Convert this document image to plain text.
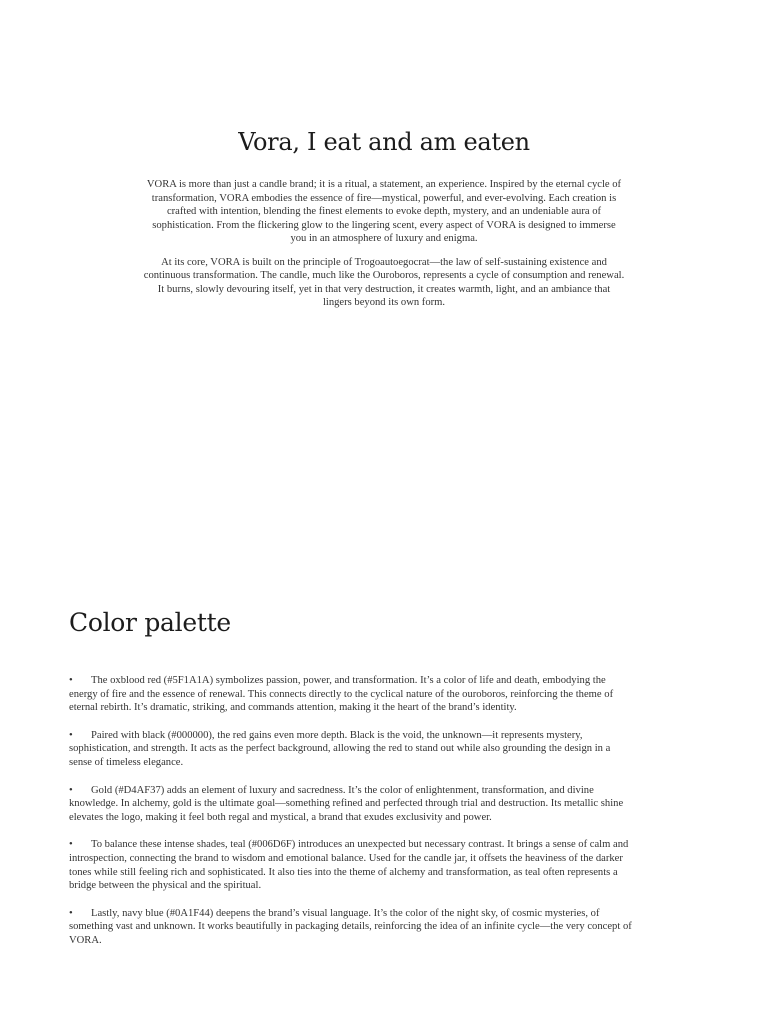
Vora, I eat and am eaten

VORA is more than just a candle brand; it is a ritual, a statement, an experience. Inspired by the eternal cycle of transformation, VORA embodies the essence of fire—mystical, powerful, and ever-evolving. Each creation is crafted with intention, blending the finest elements to evoke depth, mystery, and an undeniable aura of sophistication. From the flickering glow to the lingering scent, every aspect of VORA is designed to immerse you in an atmosphere of luxury and enigma.

At its core, VORA is built on the principle of Trogoautoegocrat—the law of self-sustaining existence and continuous transformation. The candle, much like the Ouroboros, represents a cycle of consumption and renewal. It burns, slowly devouring itself, yet in that very destruction, it creates warmth, light, and an ambiance that lingers beyond its own form.

Color palette

• The oxblood red (#5F1A1A) symbolizes passion, power, and transformation. It’s a color of life and death, embodying the energy of fire and the essence of renewal. This connects directly to the cyclical nature of the ouroboros, reinforcing the theme of eternal rebirth. It’s dramatic, striking, and commands attention, making it the heart of the brand’s identity.

• Paired with black (#000000), the red gains even more depth. Black is the void, the unknown—it represents mystery, sophistication, and strength. It acts as the perfect background, allowing the red to stand out while also grounding the design in a sense of timeless elegance.

• Gold (#D4AF37) adds an element of luxury and sacredness. It’s the color of enlightenment, transformation, and divine knowledge. In alchemy, gold is the ultimate goal—something refined and perfected through trial and destruction. Its metallic shine elevates the logo, making it feel both regal and mystical, a brand that exudes exclusivity and power.

• To balance these intense shades, teal (#006D6F) introduces an unexpected but necessary contrast. It brings a sense of calm and introspection, connecting the brand to wisdom and emotional balance. Used for the candle jar, it offsets the heaviness of the darker tones while still feeling rich and sophisticated. It also ties into the theme of alchemy and transformation, as teal often represents a bridge between the physical and the spiritual.

• Lastly, navy blue (#0A1F44) deepens the brand’s visual language. It’s the color of the night sky, of cosmic mysteries, of something vast and unknown. It works beautifully in packaging details, reinforcing the idea of an infinite cycle—the very concept of VORA.
